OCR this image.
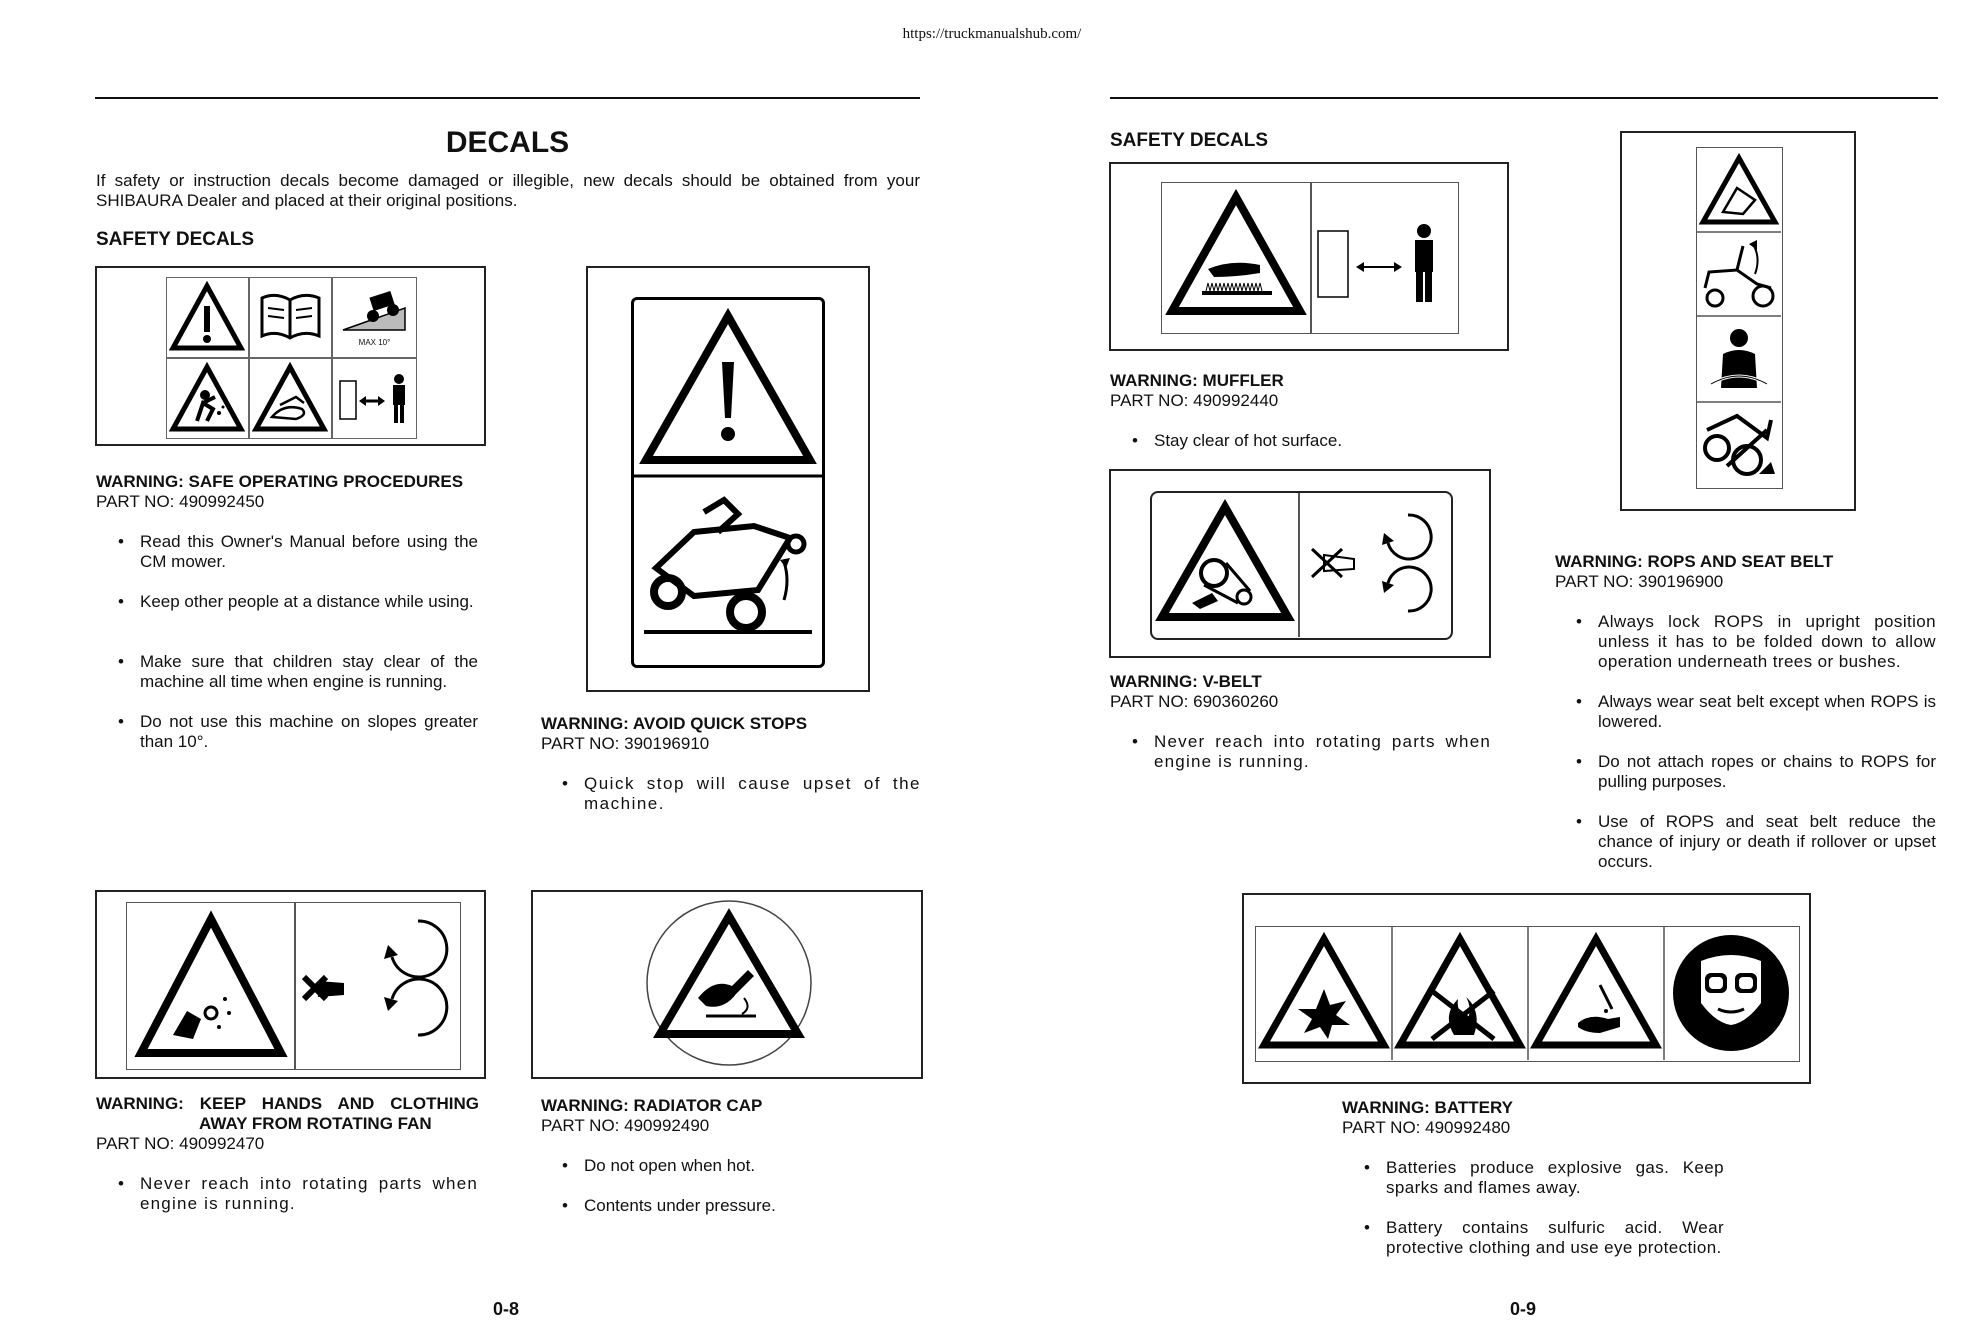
https://truckmanualshub.com/
DECALS
If safety or instruction decals become damaged or illegible, new decals should be obtained from your SHIBAURA Dealer and placed at their original positions.
SAFETY DECALS
MAX 10°
WARNING: SAFE OPERATING PROCEDURES
PART NO: 490992450
• Read this Owner's Manual before using the CM mower.
• Keep other people at a distance while using.
• Make sure that children stay clear of the machine all time when engine is running.
• Do not use this machine on slopes greater than 10°.
WARNING: AVOID QUICK STOPS
PART NO: 390196910
• Quick stop will cause upset of the machine.
WARNING: KEEP HANDS AND CLOTHING
AWAY FROM ROTATING FAN
PART NO: 490992470
• Never reach into rotating parts when engine is running.
WARNING: RADIATOR CAP
PART NO: 490992490
• Do not open when hot.
• Contents under pressure.
0-8
SAFETY DECALS
WARNING: MUFFLER
PART NO: 490992440
• Stay clear of hot surface.
WARNING: V-BELT
PART NO: 690360260
• Never reach into rotating parts when engine is running.
WARNING: ROPS AND SEAT BELT
PART NO: 390196900
• Always lock ROPS in upright position unless it has to be folded down to allow operation underneath trees or bushes.
• Always wear seat belt except when ROPS is lowered.
• Do not attach ropes or chains to ROPS for pulling purposes.
• Use of ROPS and seat belt reduce the chance of injury or death if rollover or upset occurs.
WARNING: BATTERY
PART NO: 490992480
• Batteries produce explosive gas. Keep sparks and flames away.
• Battery contains sulfuric acid. Wear protective clothing and use eye protection.
0-9
